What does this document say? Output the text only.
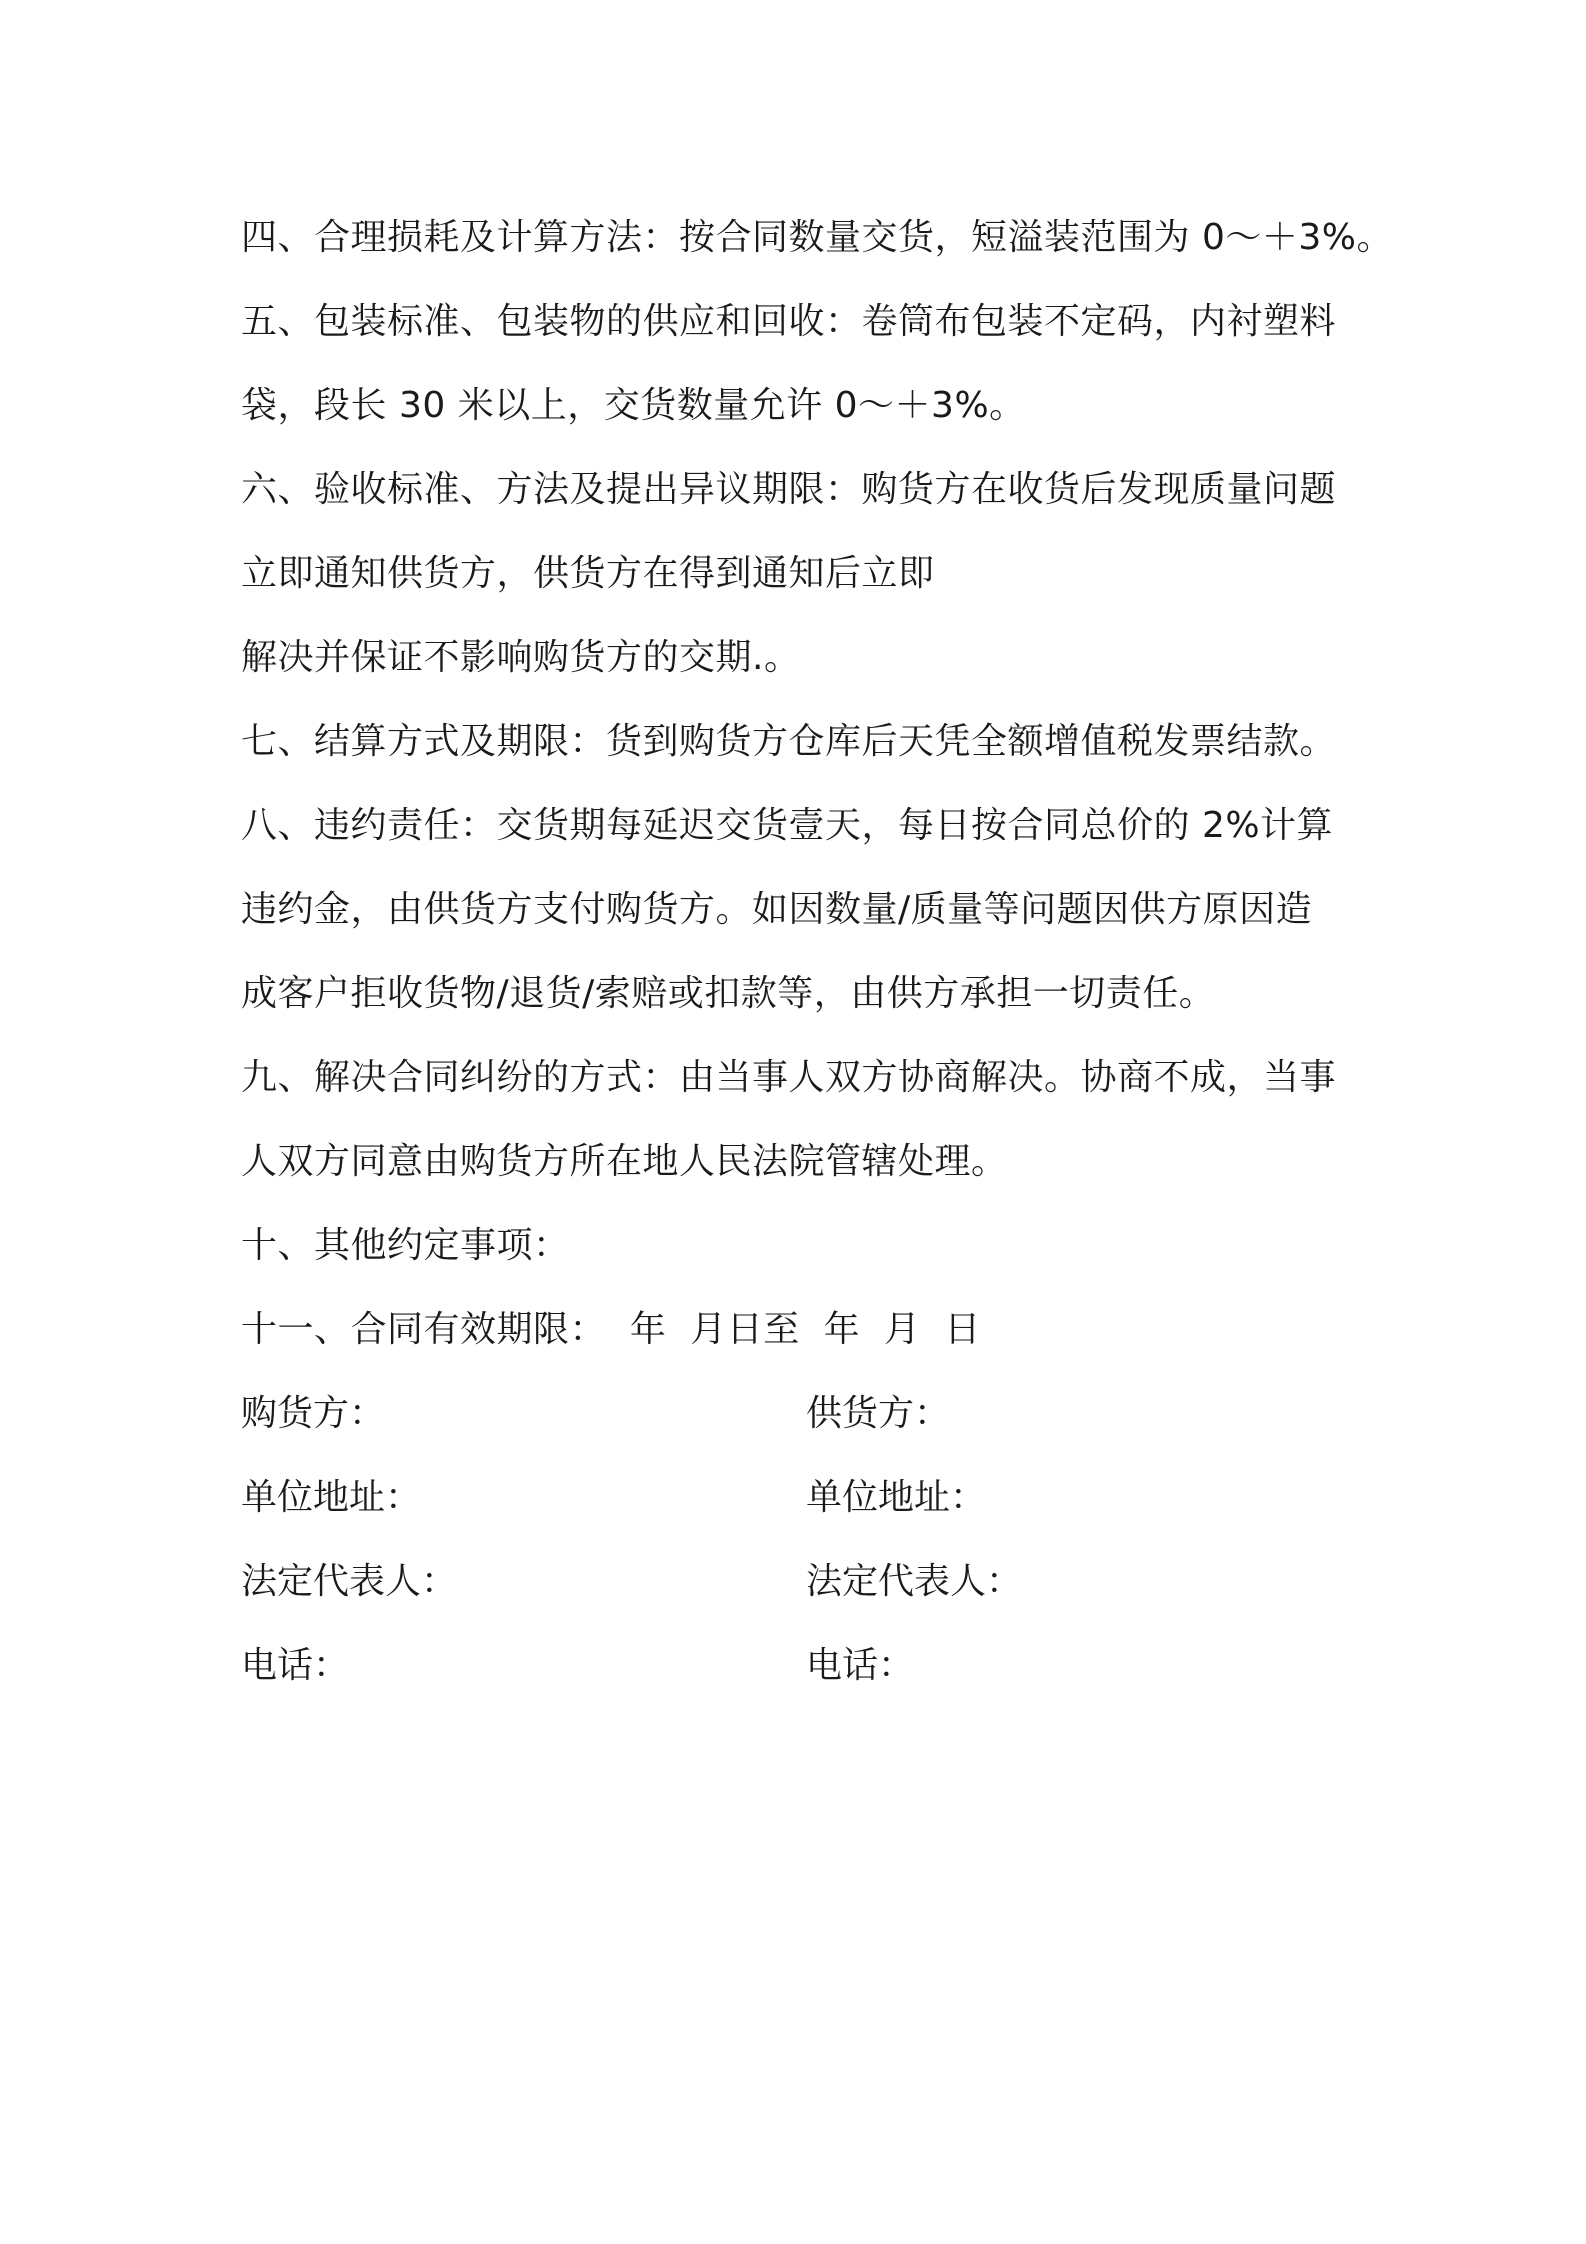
四、合理损耗及计算方法：按合同数量交货，短溢装范围为 0～＋3%。
五、包装标准、包装物的供应和回收：卷筒布包装不定码，内衬塑料
袋，段长 30 米以上，交货数量允许 0～＋3%。
六、验收标准、方法及提出异议期限：购货方在收货后发现质量问题
立即通知供货方，供货方在得到通知后立即
解决并保证不影响购货方的交期.。
七、结算方式及期限：货到购货方仓库后天凭全额增值税发票结款。
八、违约责任：交货期每延迟交货壹天，每日按合同总价的 2%计算
违约金，由供货方支付购货方。如因数量/质量等问题因供方原因造
成客户拒收货物/退货/索赔或扣款等，由供方承担一切责任。
九、解决合同纠纷的方式：由当事人双方协商解决。协商不成，当事
人双方同意由购货方所在地人民法院管辖处理。
十、其他约定事项：
十一、合同有效期限：  年  月日至  年  月  日
购货方：	供货方：
单位地址：	单位地址：
法定代表人：	法定代表人：
电话：	电话：
